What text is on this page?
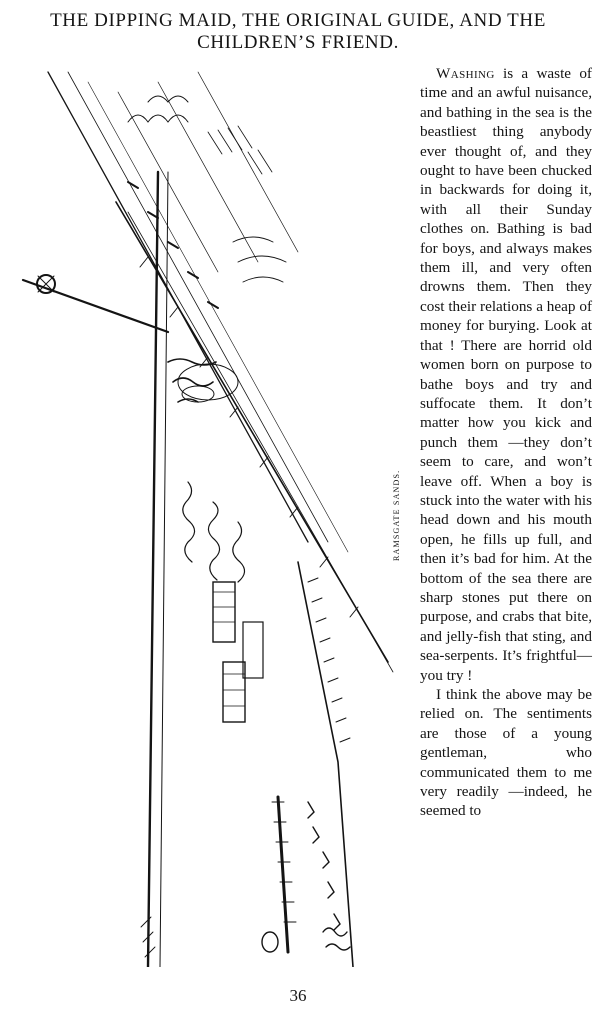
THE DIPPING MAID, THE ORIGINAL GUIDE, AND THE
CHILDREN’S FRIEND.
RAMSGATE SANDS.

Washing is a waste of time and an awful nuisance, and bathing in the sea is the beastliest thing anybody ever thought of, and they ought to have been chucked in backwards for doing it, with all their Sunday clothes on. Bathing is bad for boys, and always makes them ill, and very often drowns them. Then they cost their relations a heap of money for burying. Look at that ! There are horrid old women born on purpose to bathe boys and try and suffocate them. It don’t matter how you kick and punch them —they don’t seem to care, and won’t leave off. When a boy is stuck into the water with his head down and his mouth open, he fills up full, and then it’s bad for him. At the bottom of the sea there are sharp stones put there on purpose, and crabs that bite, and jelly-fish that sting, and sea-serpents. It’s frightful—you try !

I think the above may be relied on. The sentiments are those of a young gentleman, who communicated them to me very readily —indeed, he seemed to

36
